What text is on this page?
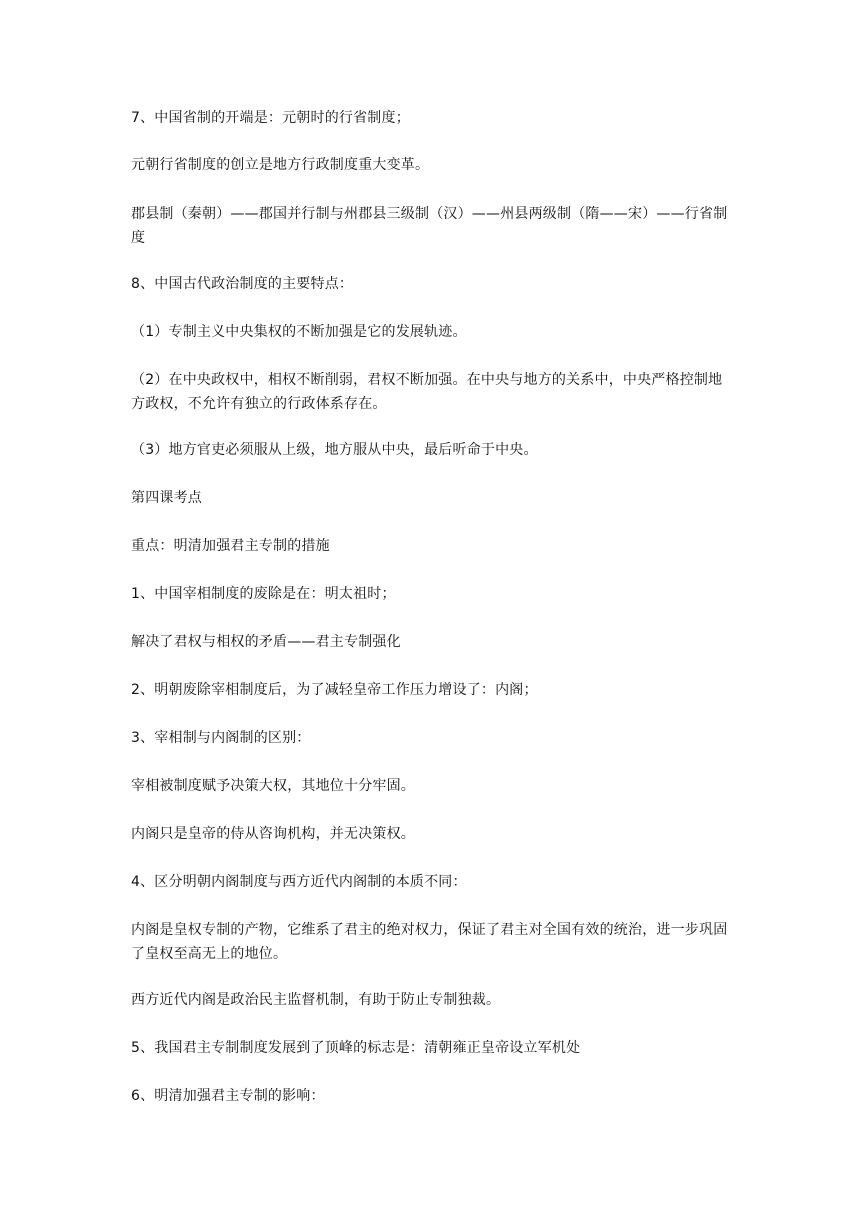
7、中国省制的开端是：元朝时的行省制度；

元朝行省制度的创立是地方行政制度重大变革。

郡县制（秦朝）——郡国并行制与州郡县三级制（汉）——州县两级制（隋——宋）——行省制度

8、中国古代政治制度的主要特点：

（1）专制主义中央集权的不断加强是它的发展轨迹。

（2）在中央政权中，相权不断削弱，君权不断加强。在中央与地方的关系中，中央严格控制地方政权，不允许有独立的行政体系存在。

（3）地方官吏必须服从上级，地方服从中央，最后听命于中央。

第四课考点

重点：明清加强君主专制的措施

1、中国宰相制度的废除是在：明太祖时；

解决了君权与相权的矛盾——君主专制强化

2、明朝废除宰相制度后，为了减轻皇帝工作压力增设了：内阁；

3、宰相制与内阁制的区别：

宰相被制度赋予决策大权，其地位十分牢固。

内阁只是皇帝的侍从咨询机构，并无决策权。

4、区分明朝内阁制度与西方近代内阁制的本质不同：

内阁是皇权专制的产物，它维系了君主的绝对权力，保证了君主对全国有效的统治，进一步巩固了皇权至高无上的地位。

西方近代内阁是政治民主监督机制，有助于防止专制独裁。

5、我国君主专制制度发展到了顶峰的标志是：清朝雍正皇帝设立军机处

6、明清加强君主专制的影响：
